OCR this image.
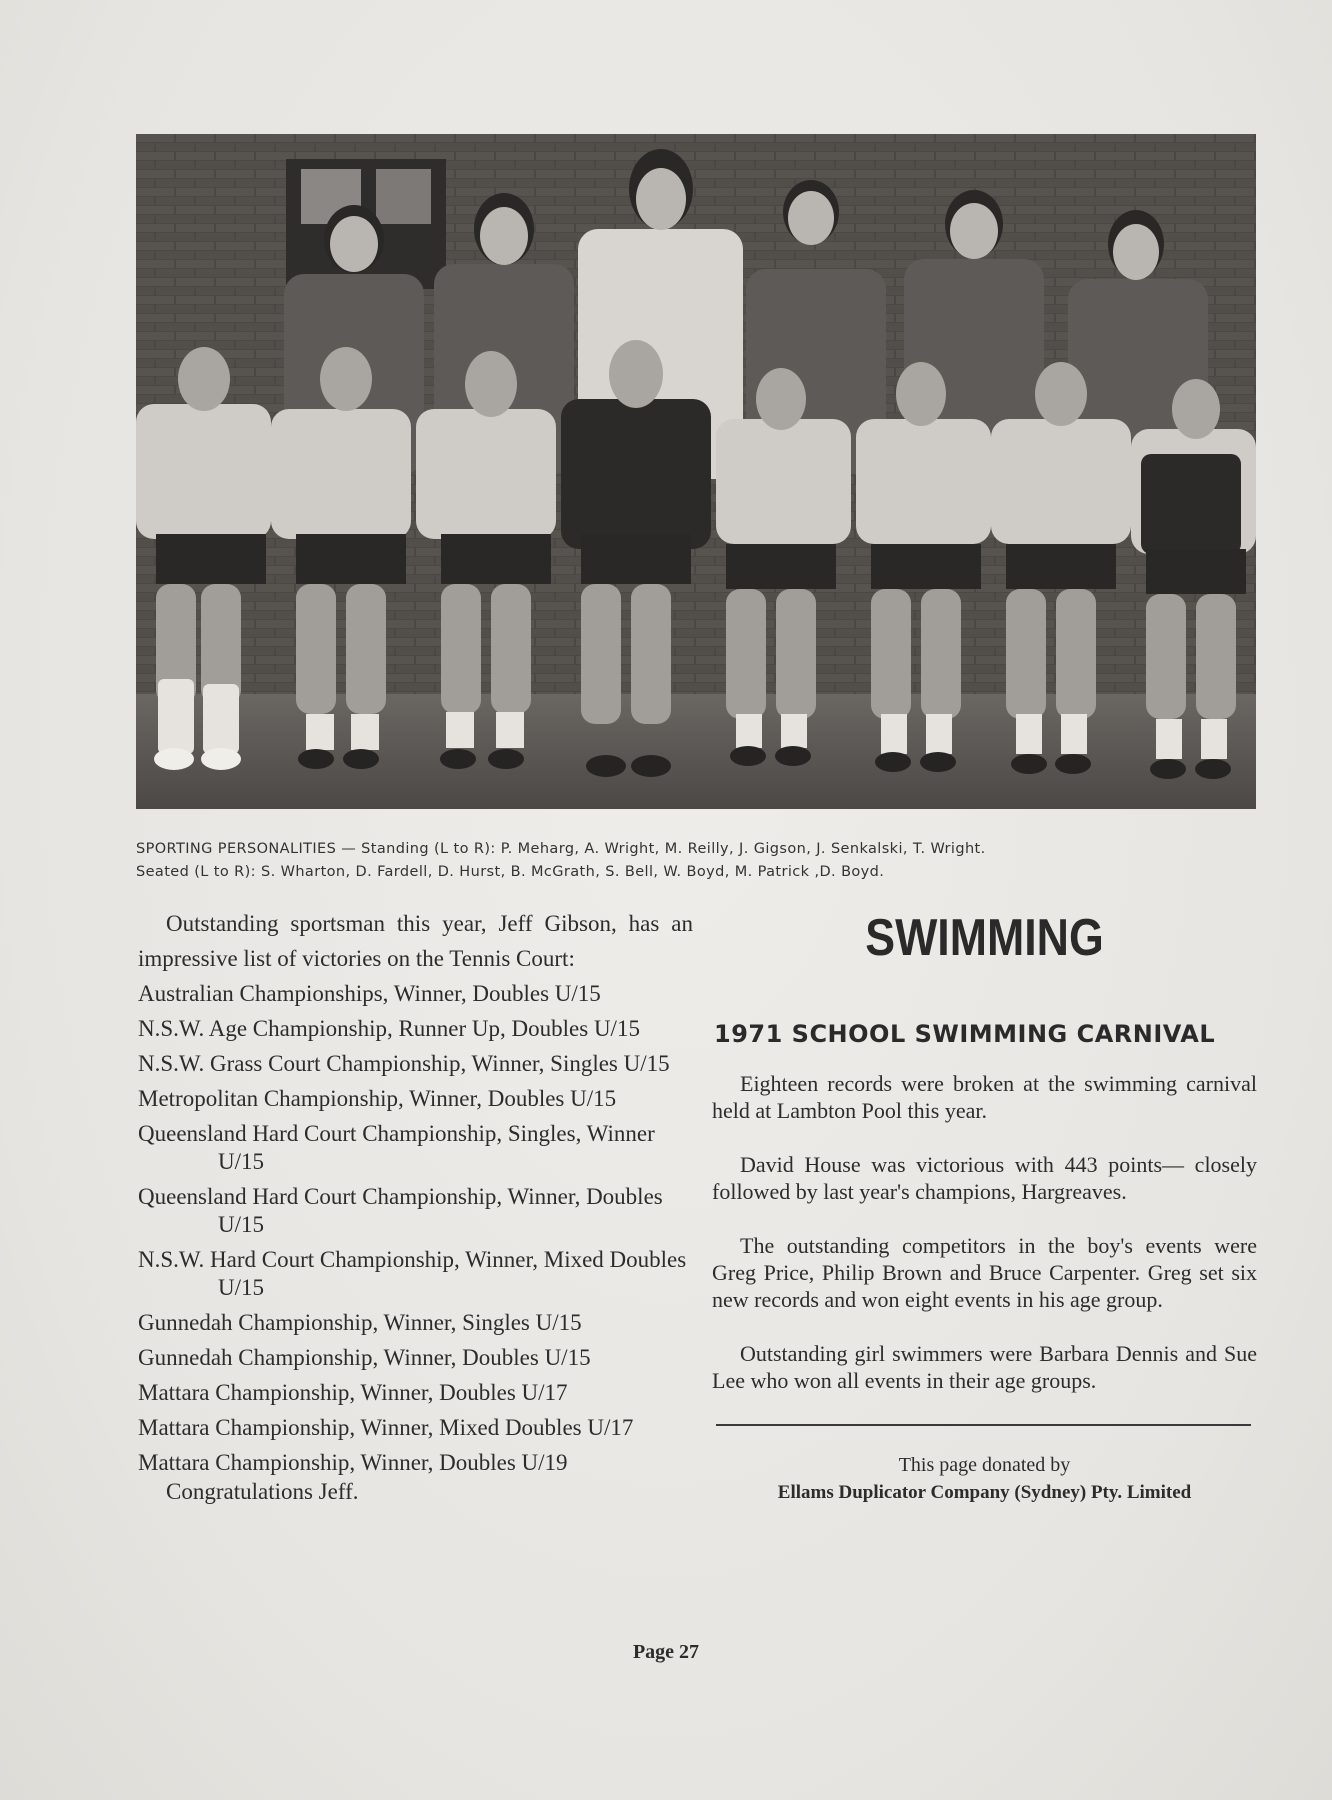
SPORTING PERSONALITIES — Standing (L to R): P. Meharg, A. Wright, M. Reilly, J. Gigson, J. Senkalski, T. Wright.
Seated (L to R): S. Wharton, D. Fardell, D. Hurst, B. McGrath, S. Bell, W. Boyd, M. Patrick ,D. Boyd.

Outstanding sportsman this year, Jeff Gibson, has an impressive list of victories on the Tennis Court:

Australian Championships, Winner, Doubles U/15
N.S.W. Age Championship, Runner Up, Doubles U/15
N.S.W. Grass Court Championship, Winner, Singles U/15
Metropolitan Championship, Winner, Doubles U/15
Queensland Hard Court Championship, Singles, Winner U/15
Queensland Hard Court Championship, Winner, Doubles U/15
N.S.W. Hard Court Championship, Winner, Mixed Doubles U/15
Gunnedah Championship, Winner, Singles U/15
Gunnedah Championship, Winner, Doubles U/15
Mattara Championship, Winner, Doubles U/17
Mattara Championship, Winner, Mixed Doubles U/17
Mattara Championship, Winner, Doubles U/19

Congratulations Jeff.

SWIMMING
1971 SCHOOL SWIMMING CARNIVAL

Eighteen records were broken at the swimming carnival held at Lambton Pool this year.

David House was victorious with 443 points— closely followed by last year's champions, Hargreaves.

The outstanding competitors in the boy's events were Greg Price, Philip Brown and Bruce Carpenter. Greg set six new records and won eight events in his age group.

Outstanding girl swimmers were Barbara Dennis and Sue Lee who won all events in their age groups.

This page donated by
Ellams Duplicator Company (Sydney) Pty. Limited
Page 27
